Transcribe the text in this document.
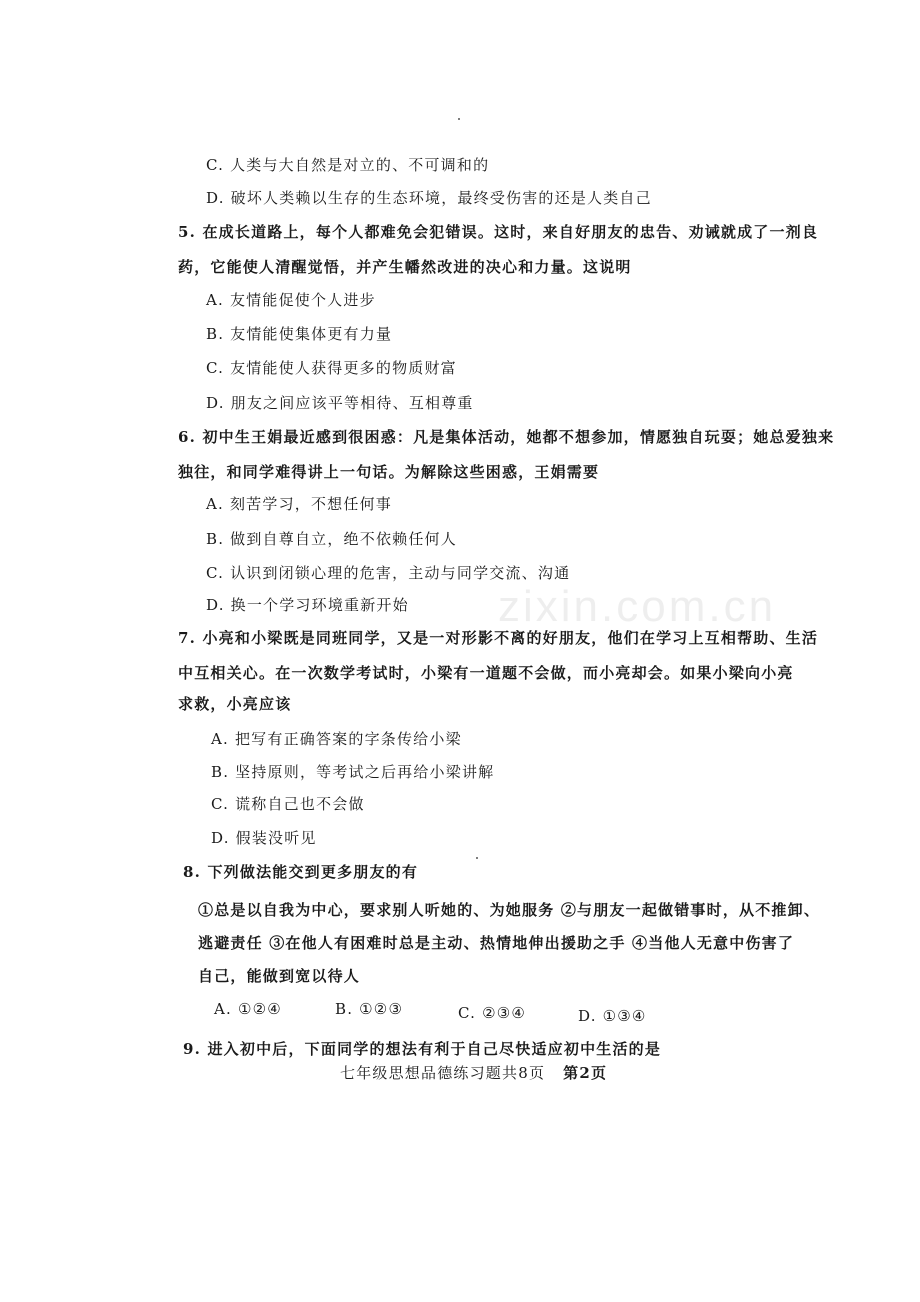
zixin.com.cn
C. 人类与大自然是对立的、不可调和的
D. 破坏人类赖以生存的生态环境，最终受伤害的还是人类自己
5. 在成长道路上，每个人都难免会犯错误。这时，来自好朋友的忠告、劝诫就成了一剂良
药，它能使人清醒觉悟，并产生幡然改进的决心和力量。这说明
A. 友情能促使个人进步
B. 友情能使集体更有力量
C. 友情能使人获得更多的物质财富
D. 朋友之间应该平等相待、互相尊重
6. 初中生王娟最近感到很困惑：凡是集体活动，她都不想参加，情愿独自玩耍；她总爱独来
独往，和同学难得讲上一句话。为解除这些困惑，王娟需要
A. 刻苦学习，不想任何事
B. 做到自尊自立，绝不依赖任何人
C. 认识到闭锁心理的危害，主动与同学交流、沟通
D. 换一个学习环境重新开始
7. 小亮和小梁既是同班同学，又是一对形影不离的好朋友，他们在学习上互相帮助、生活
中互相关心。在一次数学考试时，小梁有一道题不会做，而小亮却会。如果小梁向小亮
求救，小亮应该
A. 把写有正确答案的字条传给小梁
B. 坚持原则，等考试之后再给小梁讲解
C. 谎称自己也不会做
D. 假装没听见
8. 下列做法能交到更多朋友的有
①总是以自我为中心，要求别人听她的、为她服务 ②与朋友一起做错事时，从不推卸、
逃避责任 ③在他人有困难时总是主动、热情地伸出援助之手 ④当他人无意中伤害了
自己，能做到宽以待人
A. ①②④	B. ①②③	C. ②③④	D. ①③④
9. 进入初中后，下面同学的想法有利于自己尽快适应初中生活的是
七年级思想品德练习题共8页 第2页
